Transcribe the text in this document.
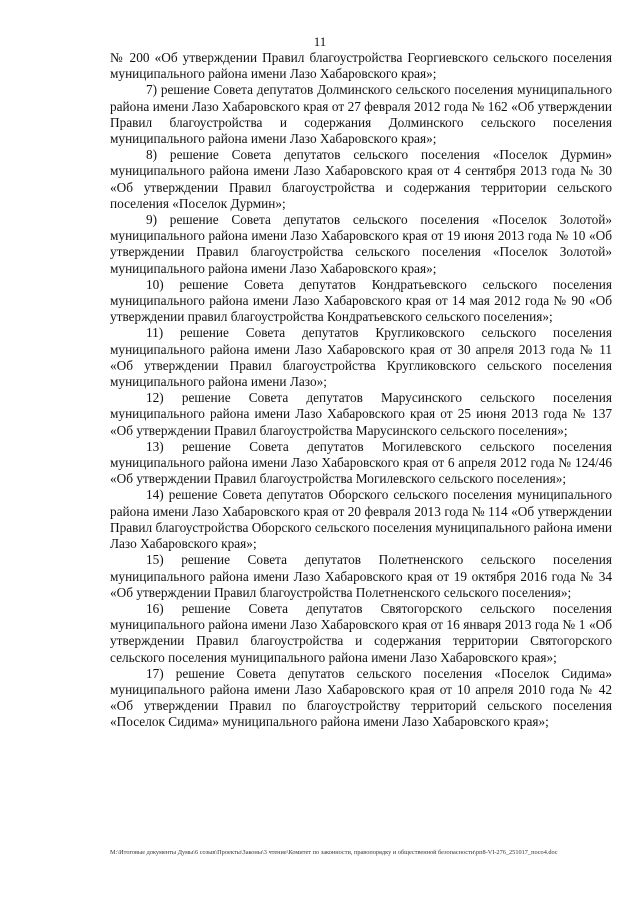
11

№ 200 «Об утверждении Правил благоустройства Георгиевского сельского поселения муниципального района имени Лазо Хабаровского края»;

7) решение Совета депутатов Долминского сельского поселения муниципального района имени Лазо Хабаровского края от 27 февраля 2012 года № 162 «Об утверждении Правил благоустройства и содержания Долминского сельского поселения муниципального района имени Лазо Хабаровского края»;

8) решение Совета депутатов сельского поселения «Поселок Дурмин» муниципального района имени Лазо Хабаровского края от 4 сентября 2013 года № 30 «Об утверждении Правил благоустройства и содержания территории сельского поселения «Поселок Дурмин»;

9) решение Совета депутатов сельского поселения «Поселок Золотой» муниципального района имени Лазо Хабаровского края от 19 июня 2013 года № 10 «Об утверждении Правил благоустройства сельского поселения «Поселок Золотой» муниципального района имени Лазо Хабаровского края»;

10) решение Совета депутатов Кондратьевского сельского поселения муниципального района имени Лазо Хабаровского края от 14 мая 2012 года № 90 «Об утверждении правил благоустройства Кондратьевского сельского поселения»;

11) решение Совета депутатов Кругликовского сельского поселения муниципального района имени Лазо Хабаровского края от 30 апреля 2013 года № 11 «Об утверждении Правил благоустройства Кругликовского сельского поселения муниципального района имени Лазо»;

12) решение Совета депутатов Марусинского сельского поселения муниципального района имени Лазо Хабаровского края от 25 июня 2013 года № 137 «Об утверждении Правил благоустройства Марусинского сельского поселения»;

13) решение Совета депутатов Могилевского сельского поселения муниципального района имени Лазо Хабаровского края от 6 апреля 2012 года № 124/46 «Об утверждении Правил благоустройства Могилевского сельского поселения»;

14) решение Совета депутатов Оборского сельского поселения муниципального района имени Лазо Хабаровского края от 20 февраля 2013 года № 114 «Об утверждении Правил благоустройства Оборского сельского поселения муниципального района имени Лазо Хабаровского края»;

15) решение Совета депутатов Полетненского сельского поселения муниципального района имени Лазо Хабаровского края от 19 октября 2016 года № 34 «Об утверждении Правил благоустройства Полетненского сельского поселения»;

16) решение Совета депутатов Святогорского сельского поселения муниципального района имени Лазо Хабаровского края от 16 января 2013 года № 1 «Об утверждении Правил благоустройства и содержания территории Святогорского сельского поселения муниципального района имени Лазо Хабаровского края»;

17) решение Совета депутатов сельского поселения «Поселок Сидима» муниципального района имени Лазо Хабаровского края от 10 апреля 2010 года № 42 «Об утверждении Правил по благоустройству территорий сельского поселения «Поселок Сидима» муниципального района имени Лазо Хабаровского края»;

M:\Итоговые документы Думы\6 созыв\Проекты\Законы\3 чтение\Комитет по законности, правопорядку и общественной безопасности\рп8-VI-276_251017_посо4.doc
